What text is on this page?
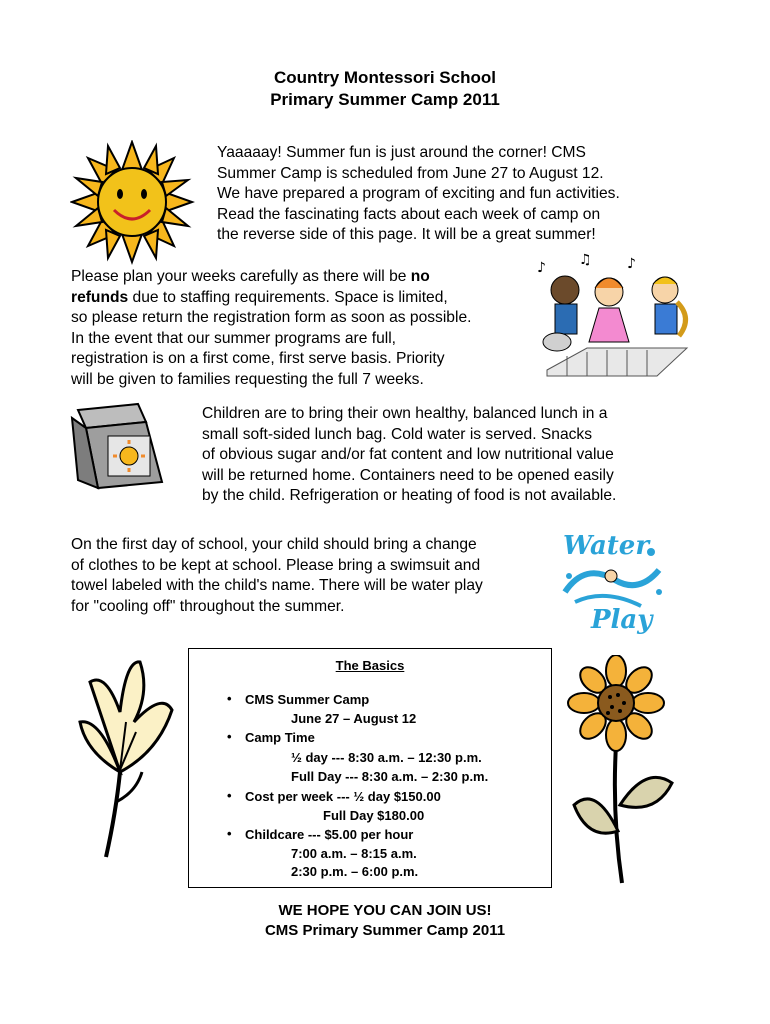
Country Montessori School
Primary Summer Camp 2011
Yaaaaay! Summer fun is just around the corner! CMS
Summer Camp is scheduled from June 27 to August 12.
We have prepared a program of exciting and fun activities.
Read the fascinating facts about each week of camp on
the reverse side of this page. It will be a great summer!
Please plan your weeks carefully as there will be no
refunds due to staffing requirements. Space is limited,
so please return the registration form as soon as possible.
In the event that our summer programs are full,
registration is on a first come, first serve basis. Priority
will be given to families requesting the full 7 weeks.
♪ ♫	♪
Children are to bring their own healthy, balanced lunch in a
small soft-sided lunch bag. Cold water is served. Snacks
of obvious sugar and/or fat content and low nutritional value
will be returned home. Containers need to be opened easily
by the child. Refrigeration or heating of food is not available.
On the first day of school, your child should bring a change
of clothes to be kept at school. Please bring a swimsuit and
towel labeled with the child's name. There will be water play
for "cooling off" throughout the summer.
Water
Play
The Basics
• CMS Summer Camp
June 27 – August 12
• Camp Time
½ day --- 8:30 a.m. – 12:30 p.m.
Full Day --- 8:30 a.m. – 2:30 p.m.
• Cost per week --- ½ day $150.00
Full Day $180.00
• Childcare --- $5.00 per hour
7:00 a.m. – 8:15 a.m.
2:30 p.m. – 6:00 p.m.
WE HOPE YOU CAN JOIN US!
CMS Primary Summer Camp 2011
